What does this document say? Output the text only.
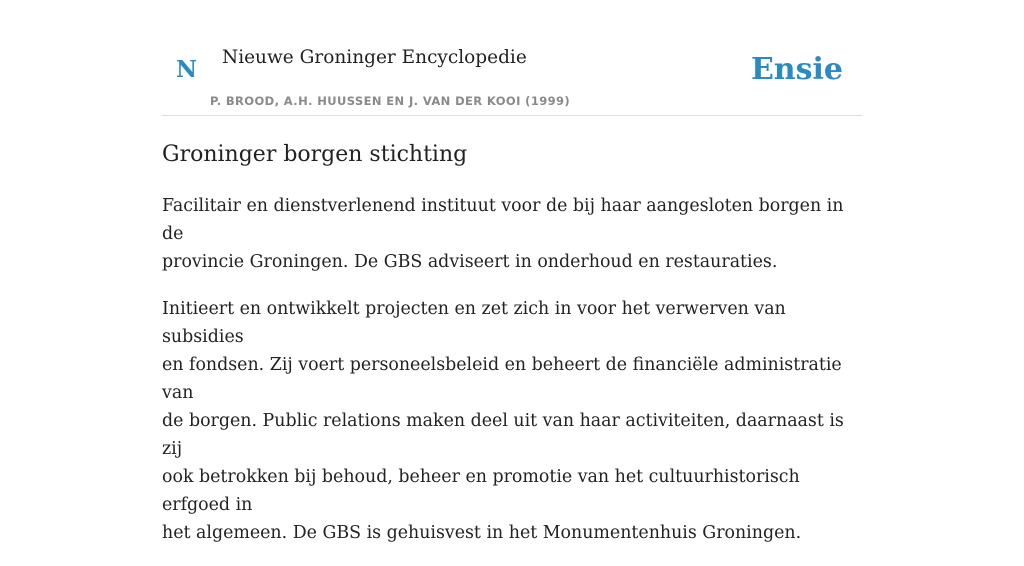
N Nieuwe Groninger Encyclopedie
P. BROOD, A.H. HUUSSEN EN J. VAN DER KOOI (1999)
Ensie
Groninger borgen stichting

Facilitair en dienstverlenend instituut voor de bij haar aangesloten borgen in de
provincie Groningen. De GBS adviseert in onderhoud en restauraties.

Initieert en ontwikkelt projecten en zet zich in voor het verwerven van subsidies
en fondsen. Zij voert personeelsbeleid en beheert de financiële administratie van
de borgen. Public relations maken deel uit van haar activiteiten, daarnaast is zij
ook betrokken bij behoud, beheer en promotie van het cultuurhistorisch erfgoed in
het algemeen. De GBS is gehuisvest in het Monumentenhuis Groningen.
